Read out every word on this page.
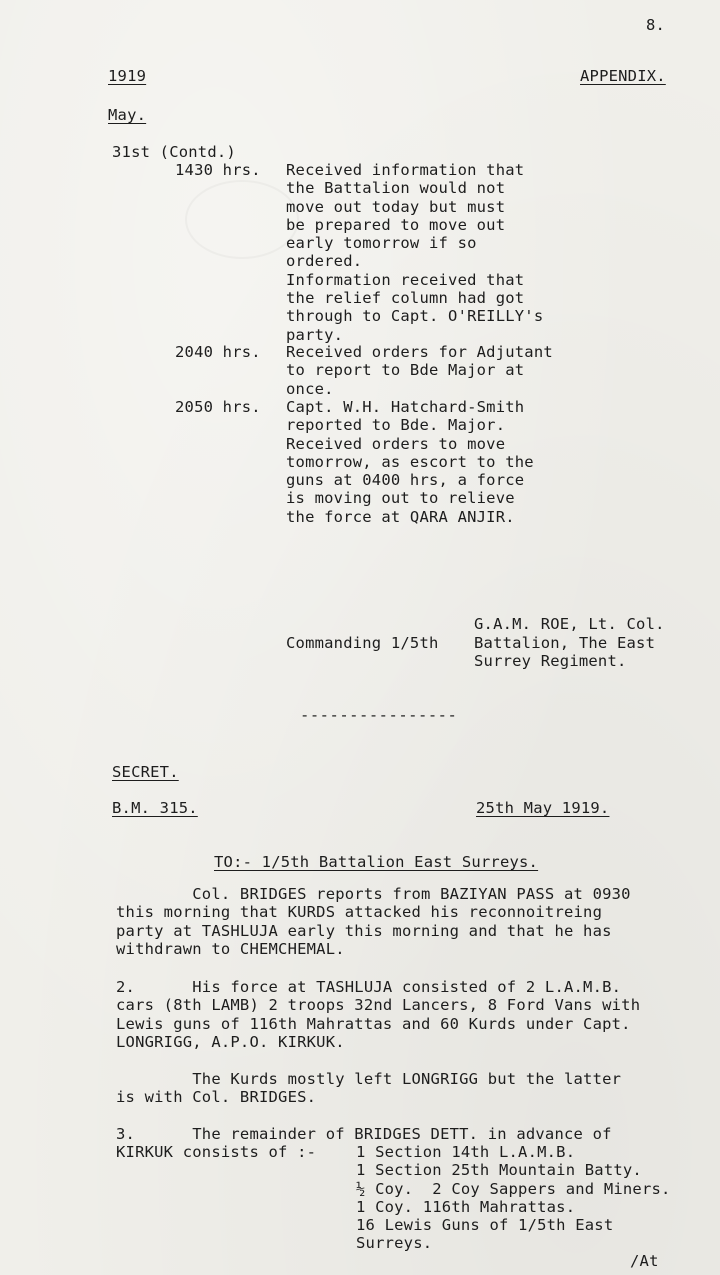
8.
1919	APPENDIX.
May.
31st (Contd.)
1430 hrs. Received information that
the Battalion would not
move out today but must
be prepared to move out
early tomorrow if so
ordered.
Information received that
the relief column had got
through to Capt. O'REILLY's
party.
2040 hrs. Received orders for Adjutant
to report to Bde Major at
once.
2050 hrs. Capt. W.H. Hatchard-Smith
reported to Bde. Major.
Received orders to move
tomorrow, as escort to the
guns at 0400 hrs, a force
is moving out to relieve
the force at QARA ANJIR.
G.A.M. ROE, Lt. Col.
Commanding 1/5th Battalion, The East
Surrey Regiment.
----------------
SECRET.
B.M. 315.	25th May 1919.
TO:- 1/5th Battalion East Surreys.
Col. BRIDGES reports from BAZIYAN PASS at 0930
this morning that KURDS attacked his reconnoitreing
party at TASHLUJA early this morning and that he has
withdrawn to CHEMCHEMAL.
2.      His force at TASHLUJA consisted of 2 L.A.M.B.
cars (8th LAMB) 2 troops 32nd Lancers, 8 Ford Vans with
Lewis guns of 116th Mahrattas and 60 Kurds under Capt.
LONGRIGG, A.P.O. KIRKUK.
The Kurds mostly left LONGRIGG but the latter
is with Col. BRIDGES.
3.      The remainder of BRIDGES DETT. in advance of
KIRKUK consists of :-	1 Section 14th L.A.M.B.
1 Section 25th Mountain Batty.
½ Coy.  2 Coy Sappers and Miners.
1 Coy. 116th Mahrattas.
16 Lewis Guns of 1/5th East
Surreys.
/At
